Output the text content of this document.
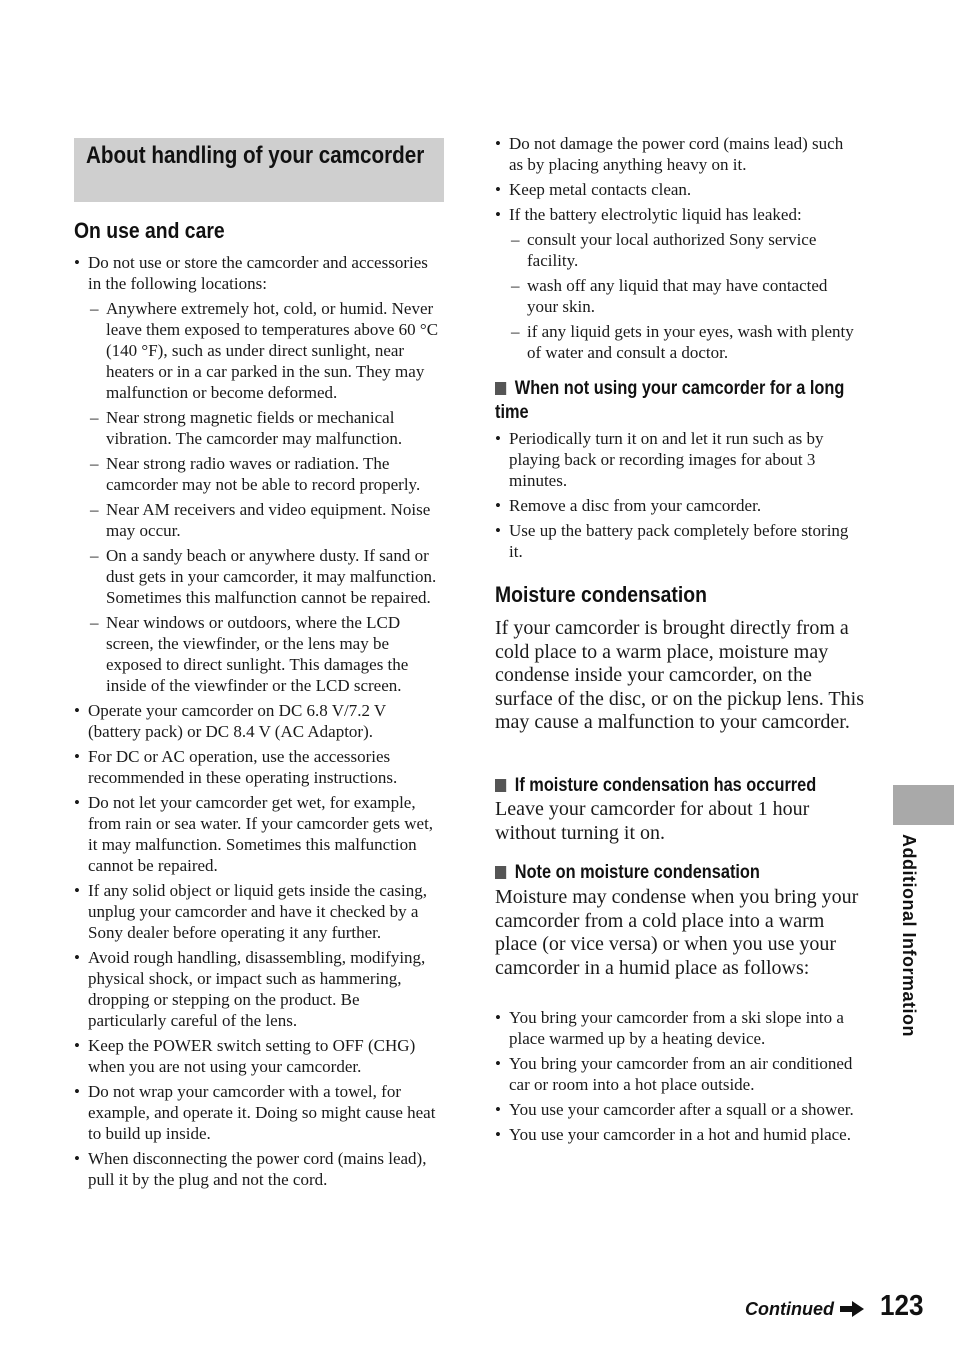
About handling of your camcorder
On use and care
• Do not use or store the camcorder and accessories in the following locations:
– Anywhere extremely hot, cold, or humid. Never leave them exposed to temperatures above 60 °C (140 °F), such as under direct sunlight, near heaters or in a car parked in the sun. They may malfunction or become deformed.
– Near strong magnetic fields or mechanical vibration. The camcorder may malfunction.
– Near strong radio waves or radiation. The camcorder may not be able to record properly.
– Near AM receivers and video equipment. Noise may occur.
– On a sandy beach or anywhere dusty. If sand or dust gets in your camcorder, it may malfunction. Sometimes this malfunction cannot be repaired.
– Near windows or outdoors, where the LCD screen, the viewfinder, or the lens may be exposed to direct sunlight. This damages the inside of the viewfinder or the LCD screen.
• Operate your camcorder on DC 6.8 V/7.2 V (battery pack) or DC 8.4 V (AC Adaptor).
• For DC or AC operation, use the accessories recommended in these operating instructions.
• Do not let your camcorder get wet, for example, from rain or sea water. If your camcorder gets wet, it may malfunction. Sometimes this malfunction cannot be repaired.
• If any solid object or liquid gets inside the casing, unplug your camcorder and have it checked by a Sony dealer before operating it any further.
• Avoid rough handling, disassembling, modifying, physical shock, or impact such as hammering, dropping or stepping on the product. Be particularly careful of the lens.
• Keep the POWER switch setting to OFF (CHG) when you are not using your camcorder.
• Do not wrap your camcorder with a towel, for example, and operate it. Doing so might cause heat to build up inside.
• When disconnecting the power cord (mains lead), pull it by the plug and not the cord.
• Do not damage the power cord (mains lead) such as by placing anything heavy on it.
• Keep metal contacts clean.
• If the battery electrolytic liquid has leaked:
– consult your local authorized Sony service facility.
– wash off any liquid that may have contacted your skin.
– if any liquid gets in your eyes, wash with plenty of water and consult a doctor.
When not using your camcorder for a long time
• Periodically turn it on and let it run such as by playing back or recording images for about 3 minutes.
• Remove a disc from your camcorder.
• Use up the battery pack completely before storing it.
Moisture condensation

If your camcorder is brought directly from a cold place to a warm place, moisture may condense inside your camcorder, on the surface of the disc, or on the pickup lens. This may cause a malfunction to your camcorder.

If moisture condensation has occurred

Leave your camcorder for about 1 hour without turning it on.

Note on moisture condensation

Moisture may condense when you bring your camcorder from a cold place into a warm place (or vice versa) or when you use your camcorder in a humid place as follows:

• You bring your camcorder from a ski slope into a place warmed up by a heating device.
• You bring your camcorder from an air conditioned car or room into a hot place outside.
• You use your camcorder after a squall or a shower.
• You use your camcorder in a hot and humid place.
Additional Information
Continued 123
